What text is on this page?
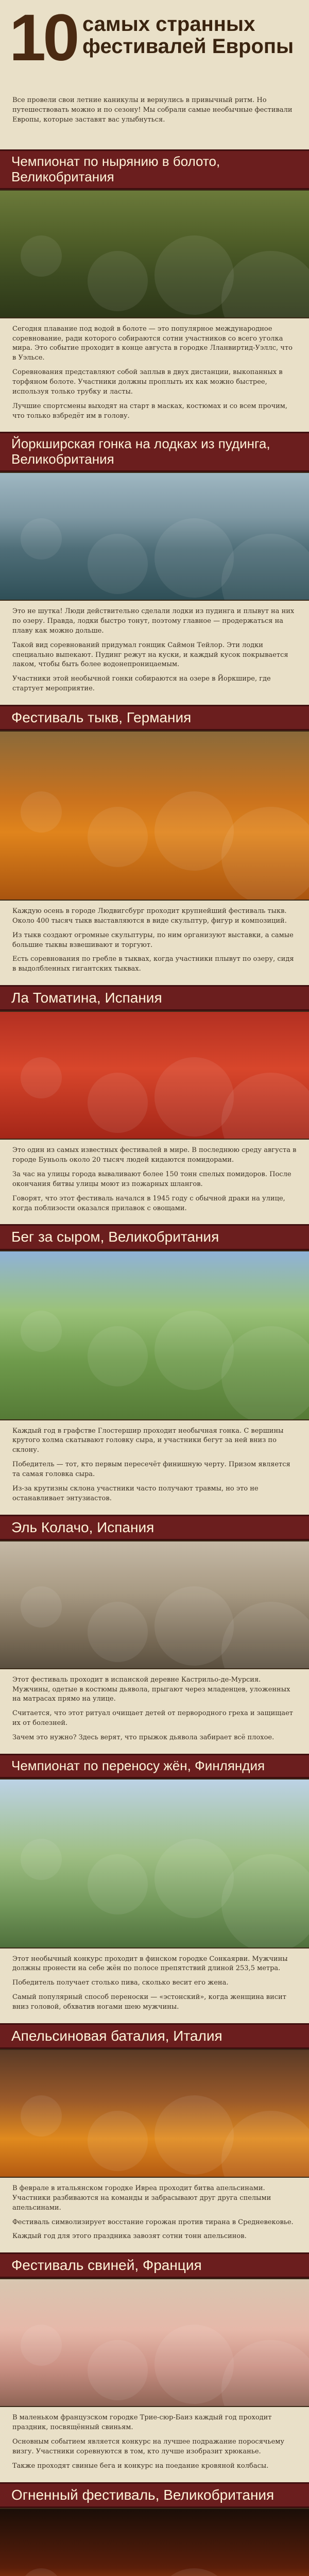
10 самых странных фестивалей Европы
Все провели свои летние каникулы и вернулись в привычный ритм. Но путешествовать можно и по сезону! Мы собрали самые необычные фестивали Европы, которые заставят вас улыбнуться.
Чемпионат по нырянию в болото, Великобритания

Сегодня плавание под водой в болоте — это популярное международное соревнование, ради которого собираются сотни участников со всего уголка мира. Это событие проходит в конце августа в городке Лланвиртид-Уэллс, что в Уэльсе.

Соревнования представляют собой заплыв в двух дистанции, выкопанных в торфяном болоте. Участники должны проплыть их как можно быстрее, используя только трубку и ласты.

Лучшие спортсмены выходят на старт в масках, костюмах и со всем прочим, что только взбредёт им в голову.

Йоркширская гонка на лодках из пудинга, Великобритания

Это не шутка! Люди действительно сделали лодки из пудинга и плывут на них по озеру. Правда, лодки быстро тонут, поэтому главное — продержаться на плаву как можно дольше.

Такой вид соревнований придумал гонщик Саймон Тейлор. Эти лодки специально выпекают. Пудинг режут на куски, и каждый кусок покрывается лаком, чтобы быть более водонепроницаемым.

Участники этой необычной гонки собираются на озере в Йоркшире, где стартует мероприятие.

Фестиваль тыкв, Германия

Каждую осень в городе Людвигсбург проходит крупнейший фестиваль тыкв. Около 400 тысяч тыкв выставляются в виде скульптур, фигур и композиций.

Из тыкв создают огромные скульптуры, по ним организуют выставки, а самые большие тыквы взвешивают и торгуют.

Есть соревнования по гребле в тыквах, когда участники плывут по озеру, сидя в выдолбленных гигантских тыквах.

Ла Томатина, Испания

Это один из самых известных фестивалей в мире. В последнюю среду августа в городе Буньоль около 20 тысяч людей кидаются помидорами.

За час на улицы города вываливают более 150 тонн спелых помидоров. После окончания битвы улицы моют из пожарных шлангов.

Говорят, что этот фестиваль начался в 1945 году с обычной драки на улице, когда поблизости оказался прилавок с овощами.

Бег за сыром, Великобритания

Каждый год в графстве Глостершир проходит необычная гонка. С вершины крутого холма скатывают головку сыра, и участники бегут за ней вниз по склону.

Победитель — тот, кто первым пересечёт финишную черту. Призом является та самая головка сыра.

Из-за крутизны склона участники часто получают травмы, но это не останавливает энтузиастов.

Эль Колачо, Испания

Этот фестиваль проходит в испанской деревне Кастрильо-де-Мурсия. Мужчины, одетые в костюмы дьявола, прыгают через младенцев, уложенных на матрасах прямо на улице.

Считается, что этот ритуал очищает детей от первородного греха и защищает их от болезней.

Зачем это нужно? Здесь верят, что прыжок дьявола забирает всё плохое.

Чемпионат по переносу жён, Финляндия

Этот необычный конкурс проходит в финском городке Сонкаярви. Мужчины должны пронести на себе жён по полосе препятствий длиной 253,5 метра.

Победитель получает столько пива, сколько весит его жена.

Самый популярный способ переноски — «эстонский», когда женщина висит вниз головой, обхватив ногами шею мужчины.

Апельсиновая баталия, Италия

В феврале в итальянском городке Ивреа проходит битва апельсинами. Участники разбиваются на команды и забрасывают друг друга спелыми апельсинами.

Фестиваль символизирует восстание горожан против тирана в Средневековье.

Каждый год для этого праздника завозят сотни тонн апельсинов.

Фестиваль свиней, Франция

В маленьком французском городке Трие-сюр-Баиз каждый год проходит праздник, посвящённый свиньям.

Основным событием является конкурс на лучшее подражание поросячьему визгу. Участники соревнуются в том, кто лучше изобразит хрюканье.

Также проходят свиные бега и конкурс на поедание кровяной колбасы.

Огненный фестиваль, Великобритания
